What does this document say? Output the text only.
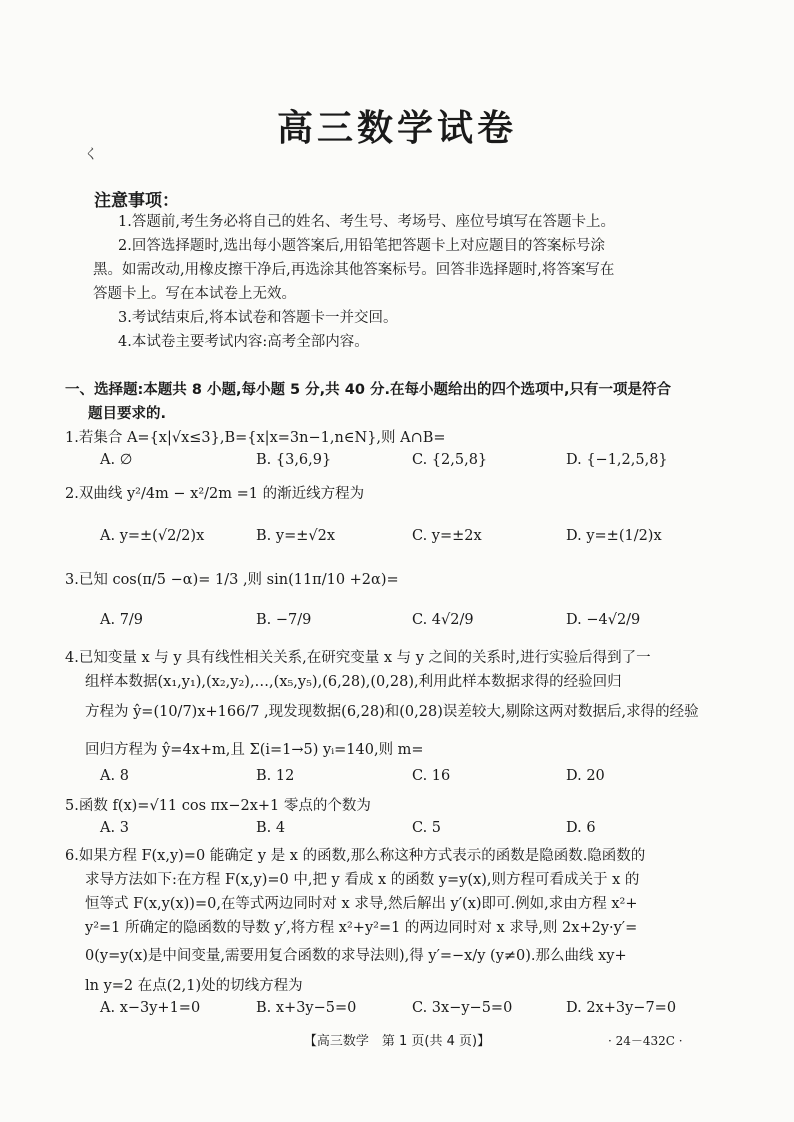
高三数学试卷
く
注意事项：
1.答题前,考生务必将自己的姓名、考生号、考场号、座位号填写在答题卡上。
2.回答选择题时,选出每小题答案后,用铅笔把答题卡上对应题目的答案标号涂
黑。如需改动,用橡皮擦干净后,再选涂其他答案标号。回答非选择题时,将答案写在
答题卡上。写在本试卷上无效。
3.考试结束后,将本试卷和答题卡一并交回。
4.本试卷主要考试内容:高考全部内容。
一、选择题:本题共 8 小题,每小题 5 分,共 40 分.在每小题给出的四个选项中,只有一项是符合
题目要求的.
1.若集合 A={x|√x≤3},B={x|x=3n−1,n∈N},则 A∩B=
A. ∅	B. {3,6,9}	C. {2,5,8}	D. {−1,2,5,8}
2.双曲线 y²/4m − x²/2m =1 的渐近线方程为
A. y=±(√2/2)x	B. y=±√2x	C. y=±2x	D. y=±(1/2)x
3.已知 cos(π/5 −α)= 1/3 ,则 sin(11π/10 +2α)=
A. 7/9	B. −7/9	C. 4√2/9	D. −4√2/9
4.已知变量 x 与 y 具有线性相关关系,在研究变量 x 与 y 之间的关系时,进行实验后得到了一
组样本数据(x₁,y₁),(x₂,y₂),…,(x₅,y₅),(6,28),(0,28),利用此样本数据求得的经验回归
方程为 ŷ=(10/7)x+166/7 ,现发现数据(6,28)和(0,28)误差较大,剔除这两对数据后,求得的经验
回归方程为 ŷ=4x+m,且 Σ(i=1→5) yᵢ=140,则 m=
A. 8	B. 12	C. 16	D. 20
5.函数 f(x)=√11 cos πx−2x+1 零点的个数为
A. 3	B. 4	C. 5	D. 6
6.如果方程 F(x,y)=0 能确定 y 是 x 的函数,那么称这种方式表示的函数是隐函数.隐函数的
求导方法如下:在方程 F(x,y)=0 中,把 y 看成 x 的函数 y=y(x),则方程可看成关于 x 的
恒等式 F(x,y(x))=0,在等式两边同时对 x 求导,然后解出 y′(x)即可.例如,求由方程 x²+
y²=1 所确定的隐函数的导数 y′,将方程 x²+y²=1 的两边同时对 x 求导,则 2x+2y·y′=
0(y=y(x)是中间变量,需要用复合函数的求导法则),得 y′=−x/y (y≠0).那么曲线 xy+
ln y=2 在点(2,1)处的切线方程为
A. x−3y+1=0	B. x+3y−5=0	C. 3x−y−5=0	D. 2x+3y−7=0
【高三数学　第 1 页(共 4 页)】	· 24－432C ·
